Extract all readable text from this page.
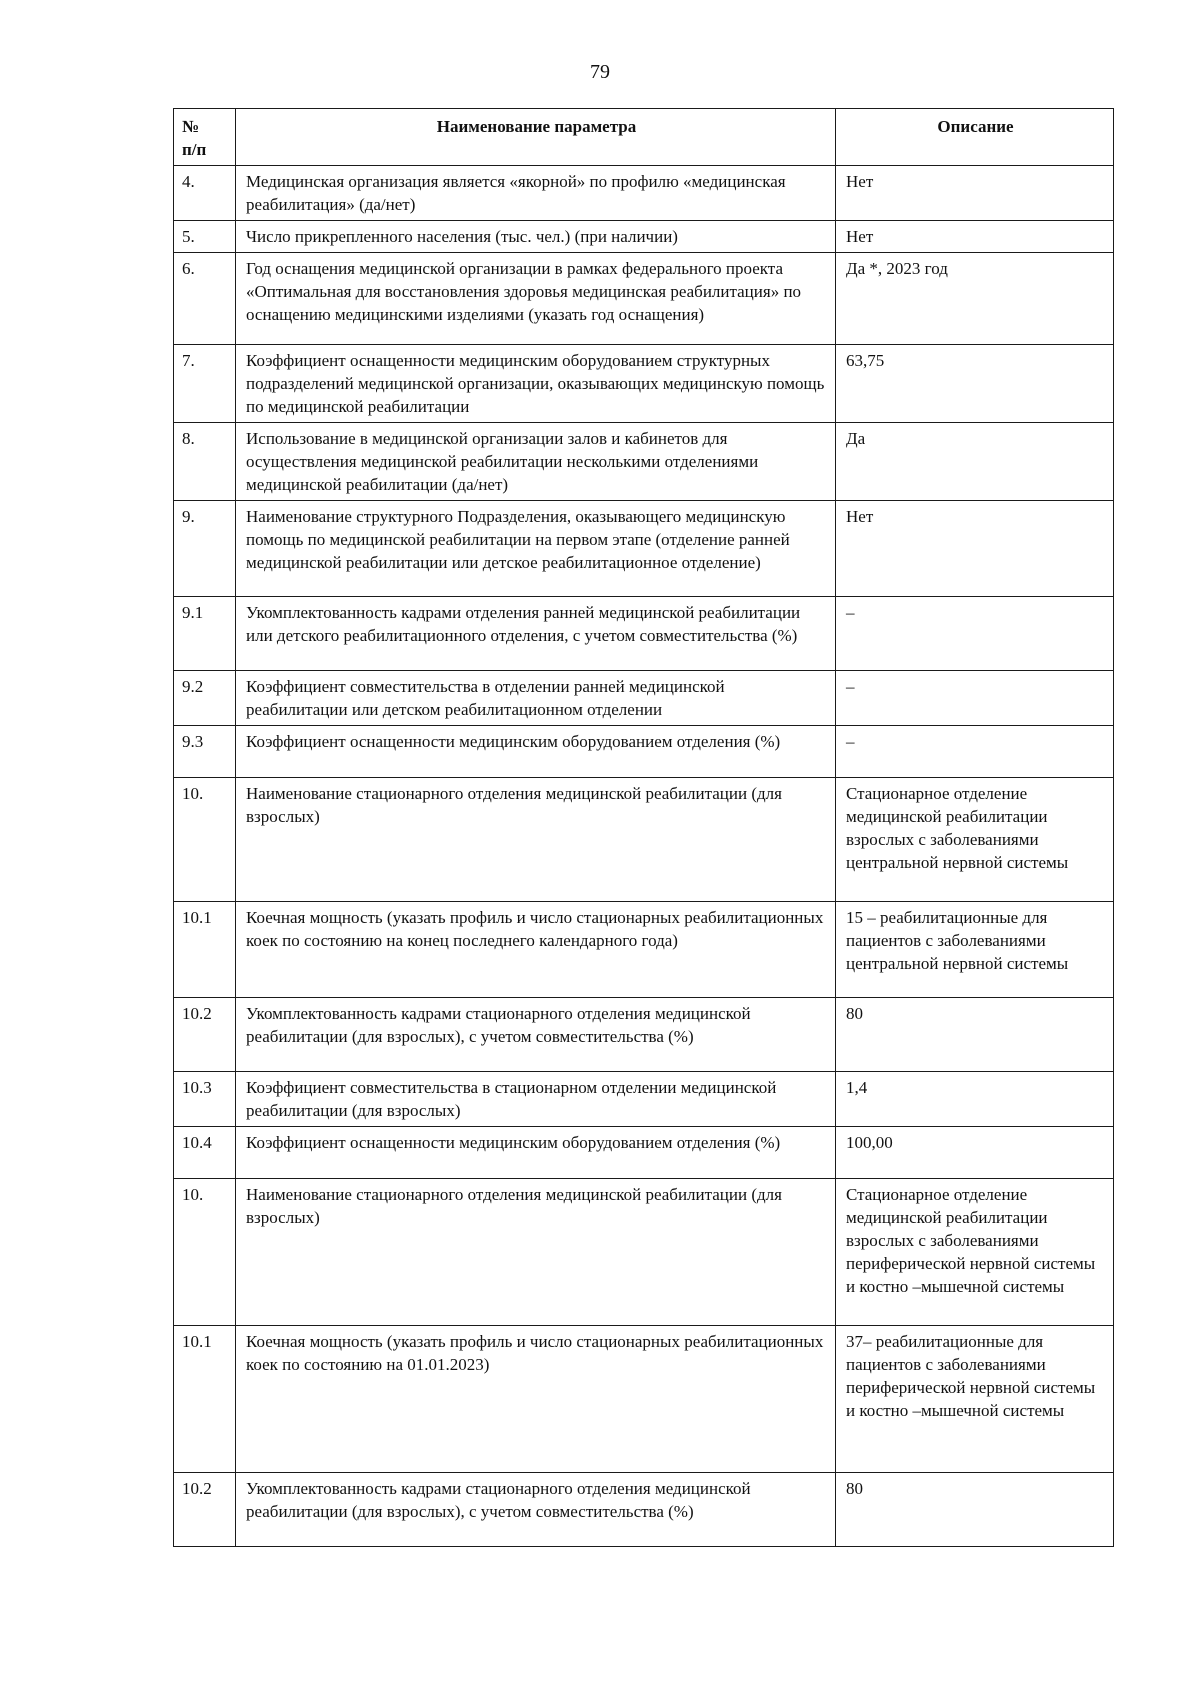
79
№
п/п	Наименование параметра	Описание
4.	Медицинская организация является «якорной» по профилю «медицинская реабилитация» (да/нет)	Нет
5.	Число прикрепленного населения (тыс. чел.) (при наличии)	Нет
6.	Год оснащения медицинской организации в рамках федерального проекта «Оптимальная для восстановления здоровья медицинская реабилитация» по оснащению медицинскими изделиями (указать год оснащения)	Да *, 2023 год
7.	Коэффициент оснащенности медицинским оборудованием структурных подразделений медицинской организации, оказывающих медицинскую помощь по медицинской реабилитации	63,75
8.	Использование в медицинской организации залов и кабинетов для осуществления медицинской реабилитации несколькими отделениями медицинской реабилитации (да/нет)	Да
9.	Наименование структурного Подразделения, оказывающего медицинскую помощь по медицинской реабилитации на первом этапе (отделение ранней медицинской реабилитации или детское реабилитационное отделение)	Нет
9.1	Укомплектованность кадрами отделения ранней медицинской реабилитации или детского реабилитационного отделения, с учетом совместительства (%)	–
9.2	Коэффициент совместительства в отделении ранней медицинской реабилитации или детском реабилитационном отделении	–
9.3	Коэффициент оснащенности медицинским оборудованием отделения (%)	–
10.	Наименование стационарного отделения медицинской реабилитации (для взрослых)	Стационарное отделение медицинской реабилитации взрослых с заболеваниями центральной нервной системы
10.1	Коечная мощность (указать профиль и число стационарных реабилитационных коек по состоянию на конец последнего календарного года)	15 – реабилитационные для пациентов с заболеваниями центральной нервной системы
10.2	Укомплектованность кадрами стационарного отделения медицинской реабилитации (для взрослых), с учетом совместительства (%)	80
10.3	Коэффициент совместительства в стационарном отделении медицинской реабилитации (для взрослых)	1,4
10.4	Коэффициент оснащенности медицинским оборудованием отделения (%)	100,00
10.	Наименование стационарного отделения медицинской реабилитации (для взрослых)	Стационарное отделение медицинской реабилитации взрослых с заболеваниями периферической нервной системы и костно –мышечной системы
10.1	Коечная мощность (указать профиль и число стационарных реабилитационных коек по состоянию на 01.01.2023)	37– реабилитационные для пациентов с заболеваниями периферической нервной системы и костно –мышечной системы
10.2	Укомплектованность кадрами стационарного отделения медицинской реабилитации (для взрослых), с учетом совместительства (%)	80
